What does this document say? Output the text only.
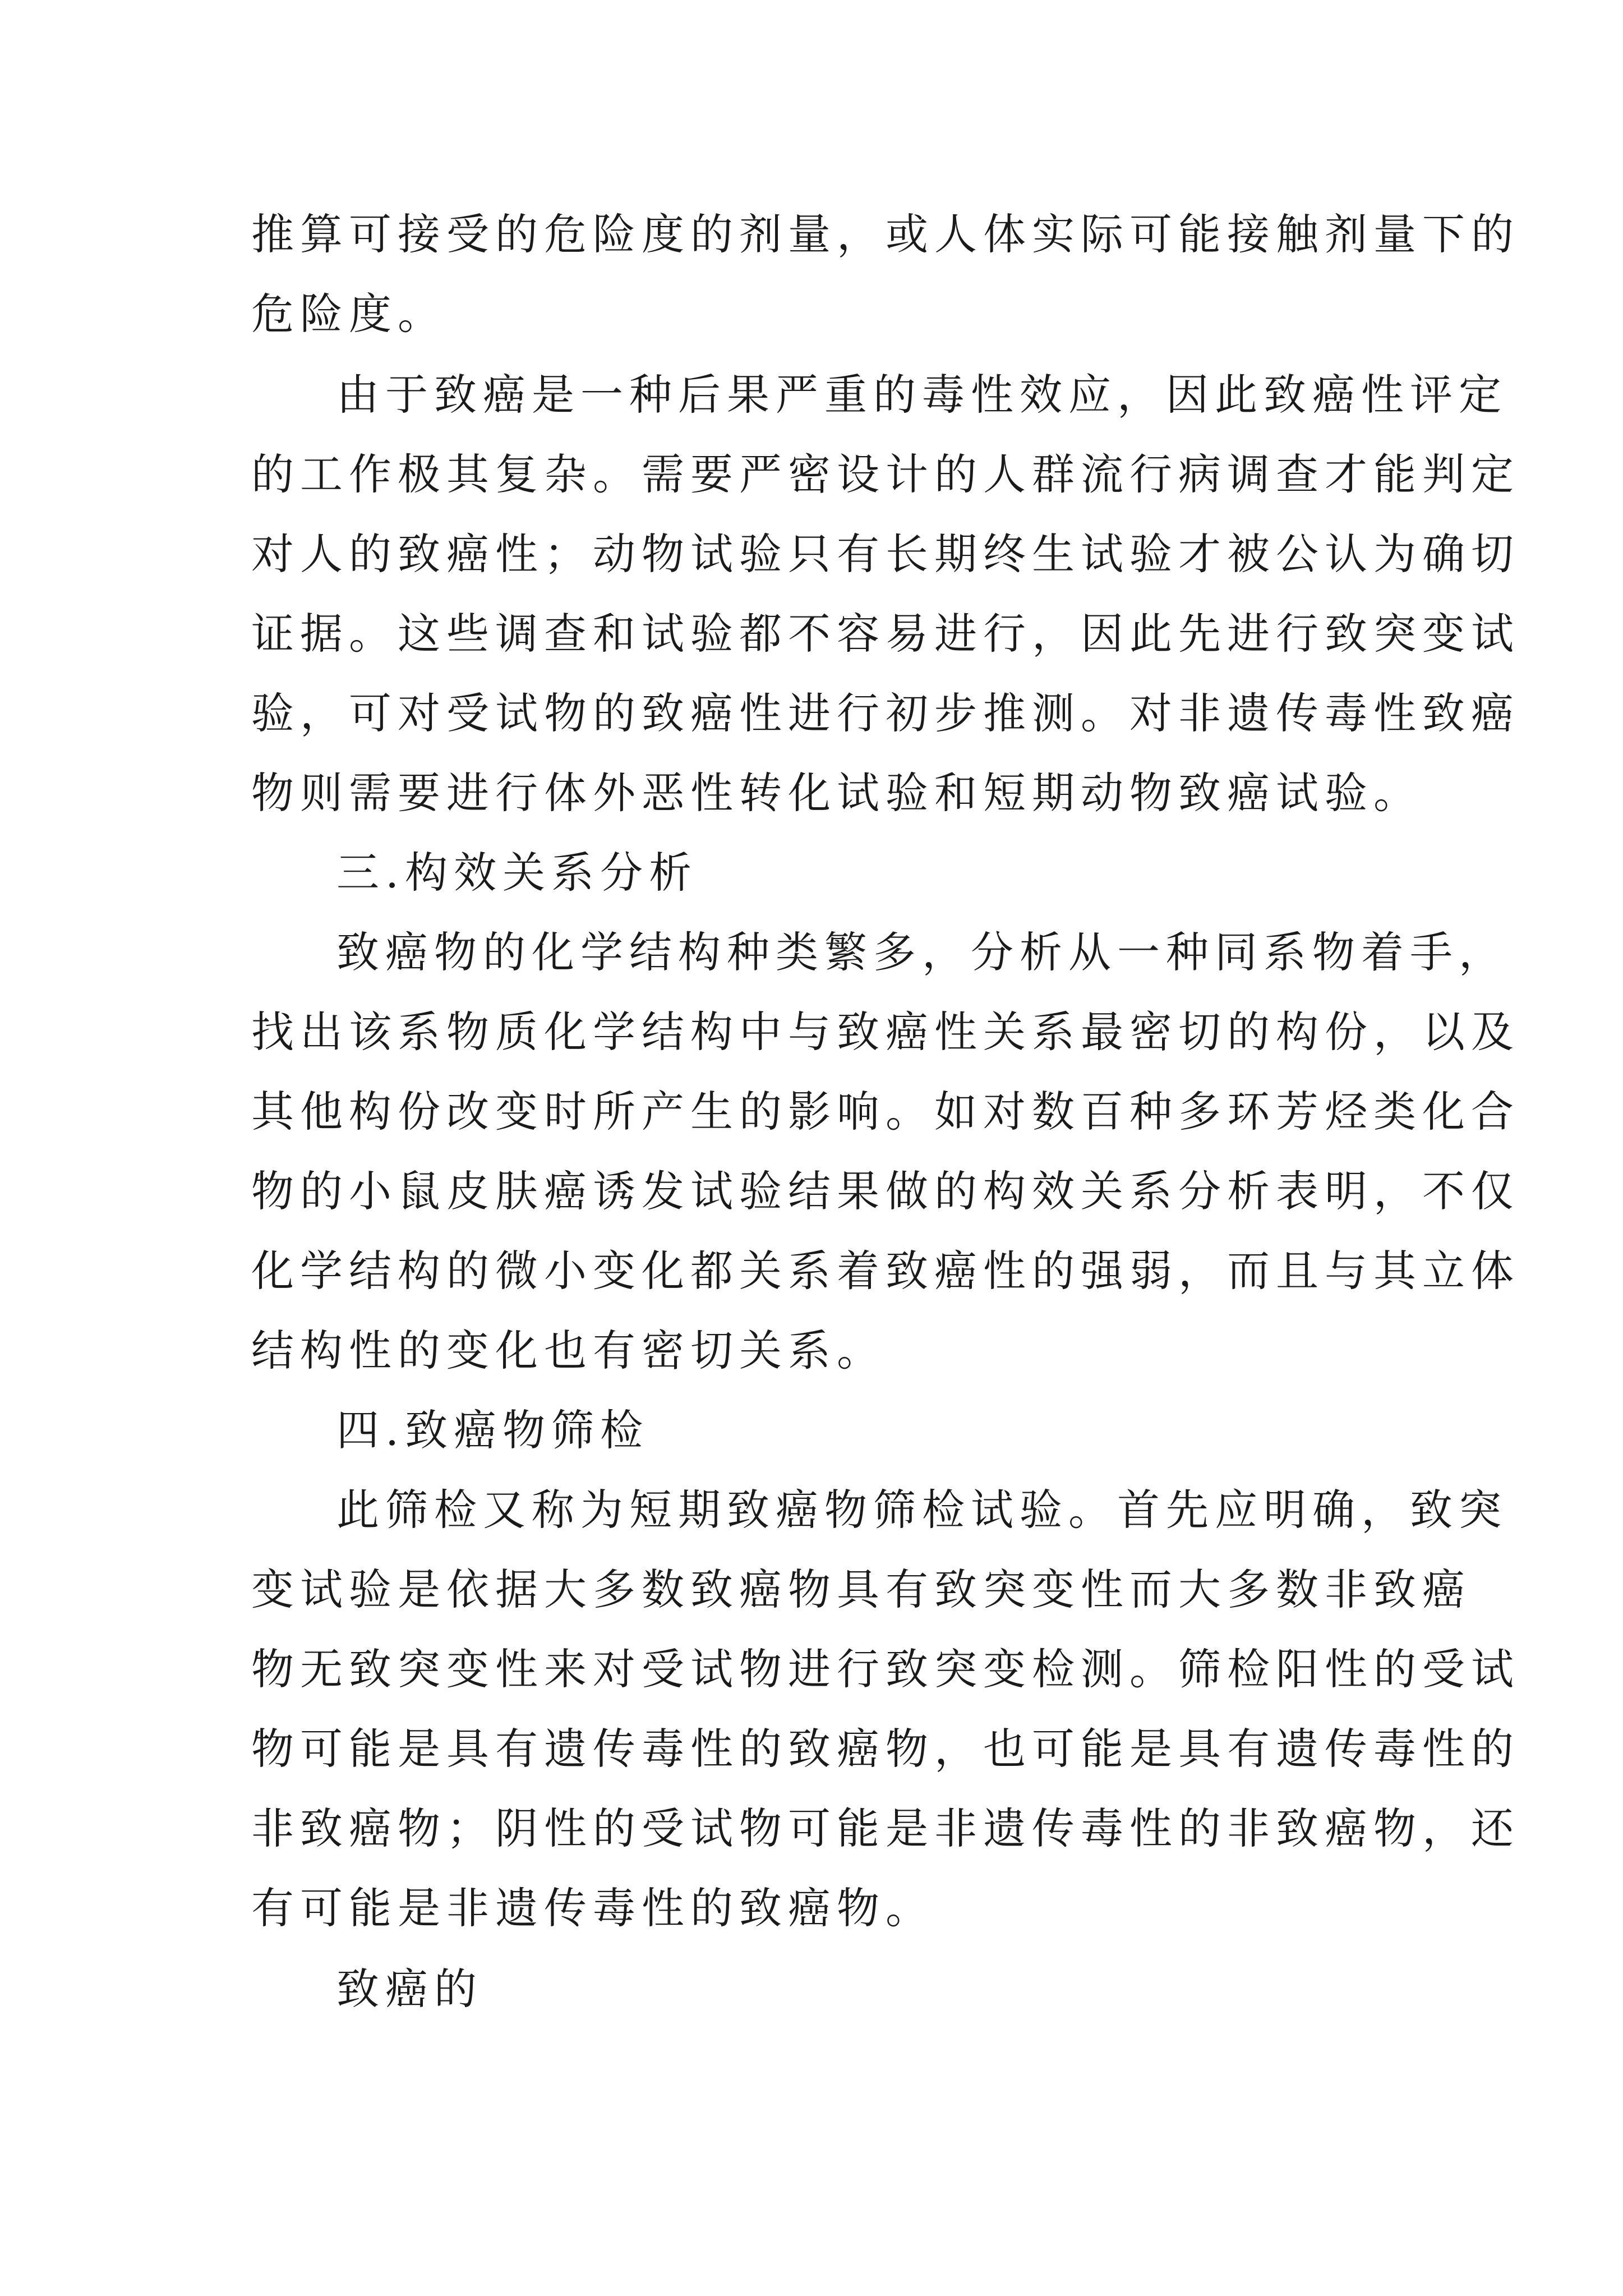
推算可接受的危险度的剂量，或人体实际可能接触剂量下的
危险度。
由于致癌是一种后果严重的毒性效应，因此致癌性评定
的工作极其复杂。需要严密设计的人群流行病调查才能判定
对人的致癌性；动物试验只有长期终生试验才被公认为确切
证据。这些调查和试验都不容易进行，因此先进行致突变试
验，可对受试物的致癌性进行初步推测。对非遗传毒性致癌
物则需要进行体外恶性转化试验和短期动物致癌试验。
三.构效关系分析
致癌物的化学结构种类繁多，分析从一种同系物着手，
找出该系物质化学结构中与致癌性关系最密切的构份，以及
其他构份改变时所产生的影响。如对数百种多环芳烃类化合
物的小鼠皮肤癌诱发试验结果做的构效关系分析表明，不仅
化学结构的微小变化都关系着致癌性的强弱，而且与其立体
结构性的变化也有密切关系。
四.致癌物筛检
此筛检又称为短期致癌物筛检试验。首先应明确，致突
变试验是依据大多数致癌物具有致突变性而大多数非致癌
物无致突变性来对受试物进行致突变检测。筛检阳性的受试
物可能是具有遗传毒性的致癌物，也可能是具有遗传毒性的
非致癌物；阴性的受试物可能是非遗传毒性的非致癌物，还
有可能是非遗传毒性的致癌物。
致癌的
